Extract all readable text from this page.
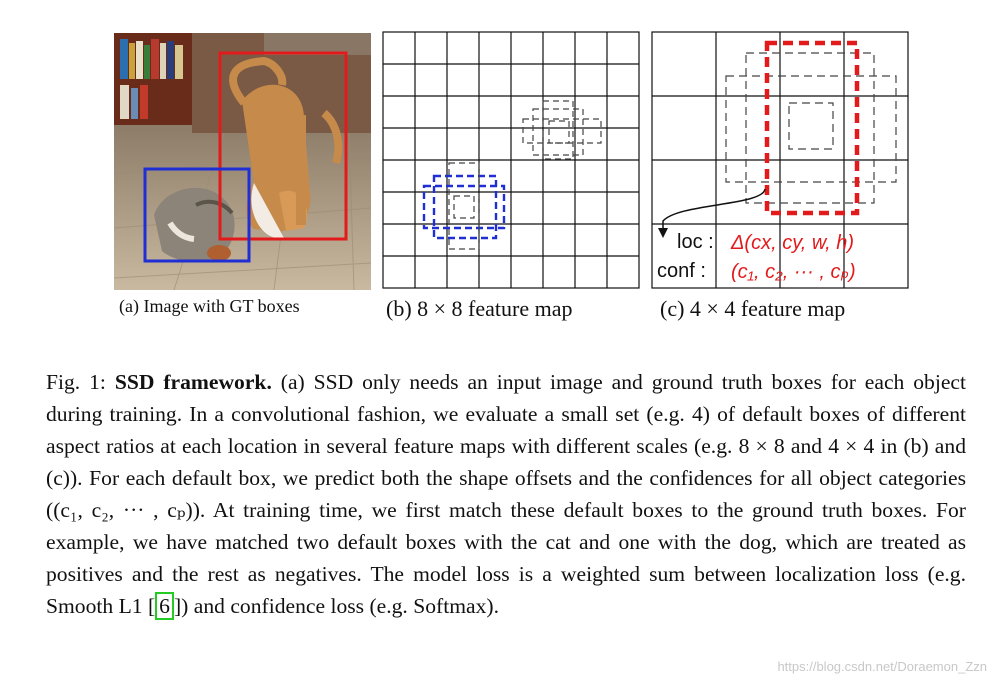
loc : Δ(cx, cy, w, h)
conf : (c₁, c₂, ··· , cₚ)
(a) Image with GT boxes	(b) 8 × 8 feature map	(c) 4 × 4 feature map
Fig. 1: SSD framework. (a) SSD only needs an input image and ground truth boxes for each object during training. In a convolutional fashion, we evaluate a small set (e.g. 4) of default boxes of different aspect ratios at each location in several feature maps with different scales (e.g. 8 × 8 and 4 × 4 in (b) and (c)). For each default box, we predict both the shape offsets and the confidences for all object categories ((c₁, c₂, ··· , cₚ)). At training time, we first match these default boxes to the ground truth boxes. For example, we have matched two default boxes with the cat and one with the dog, which are treated as positives and the rest as negatives. The model loss is a weighted sum between localization loss (e.g. Smooth L1 [ 6 ]) and confidence loss (e.g. Softmax).
https://blog.csdn.net/Doraemon_Zzn
